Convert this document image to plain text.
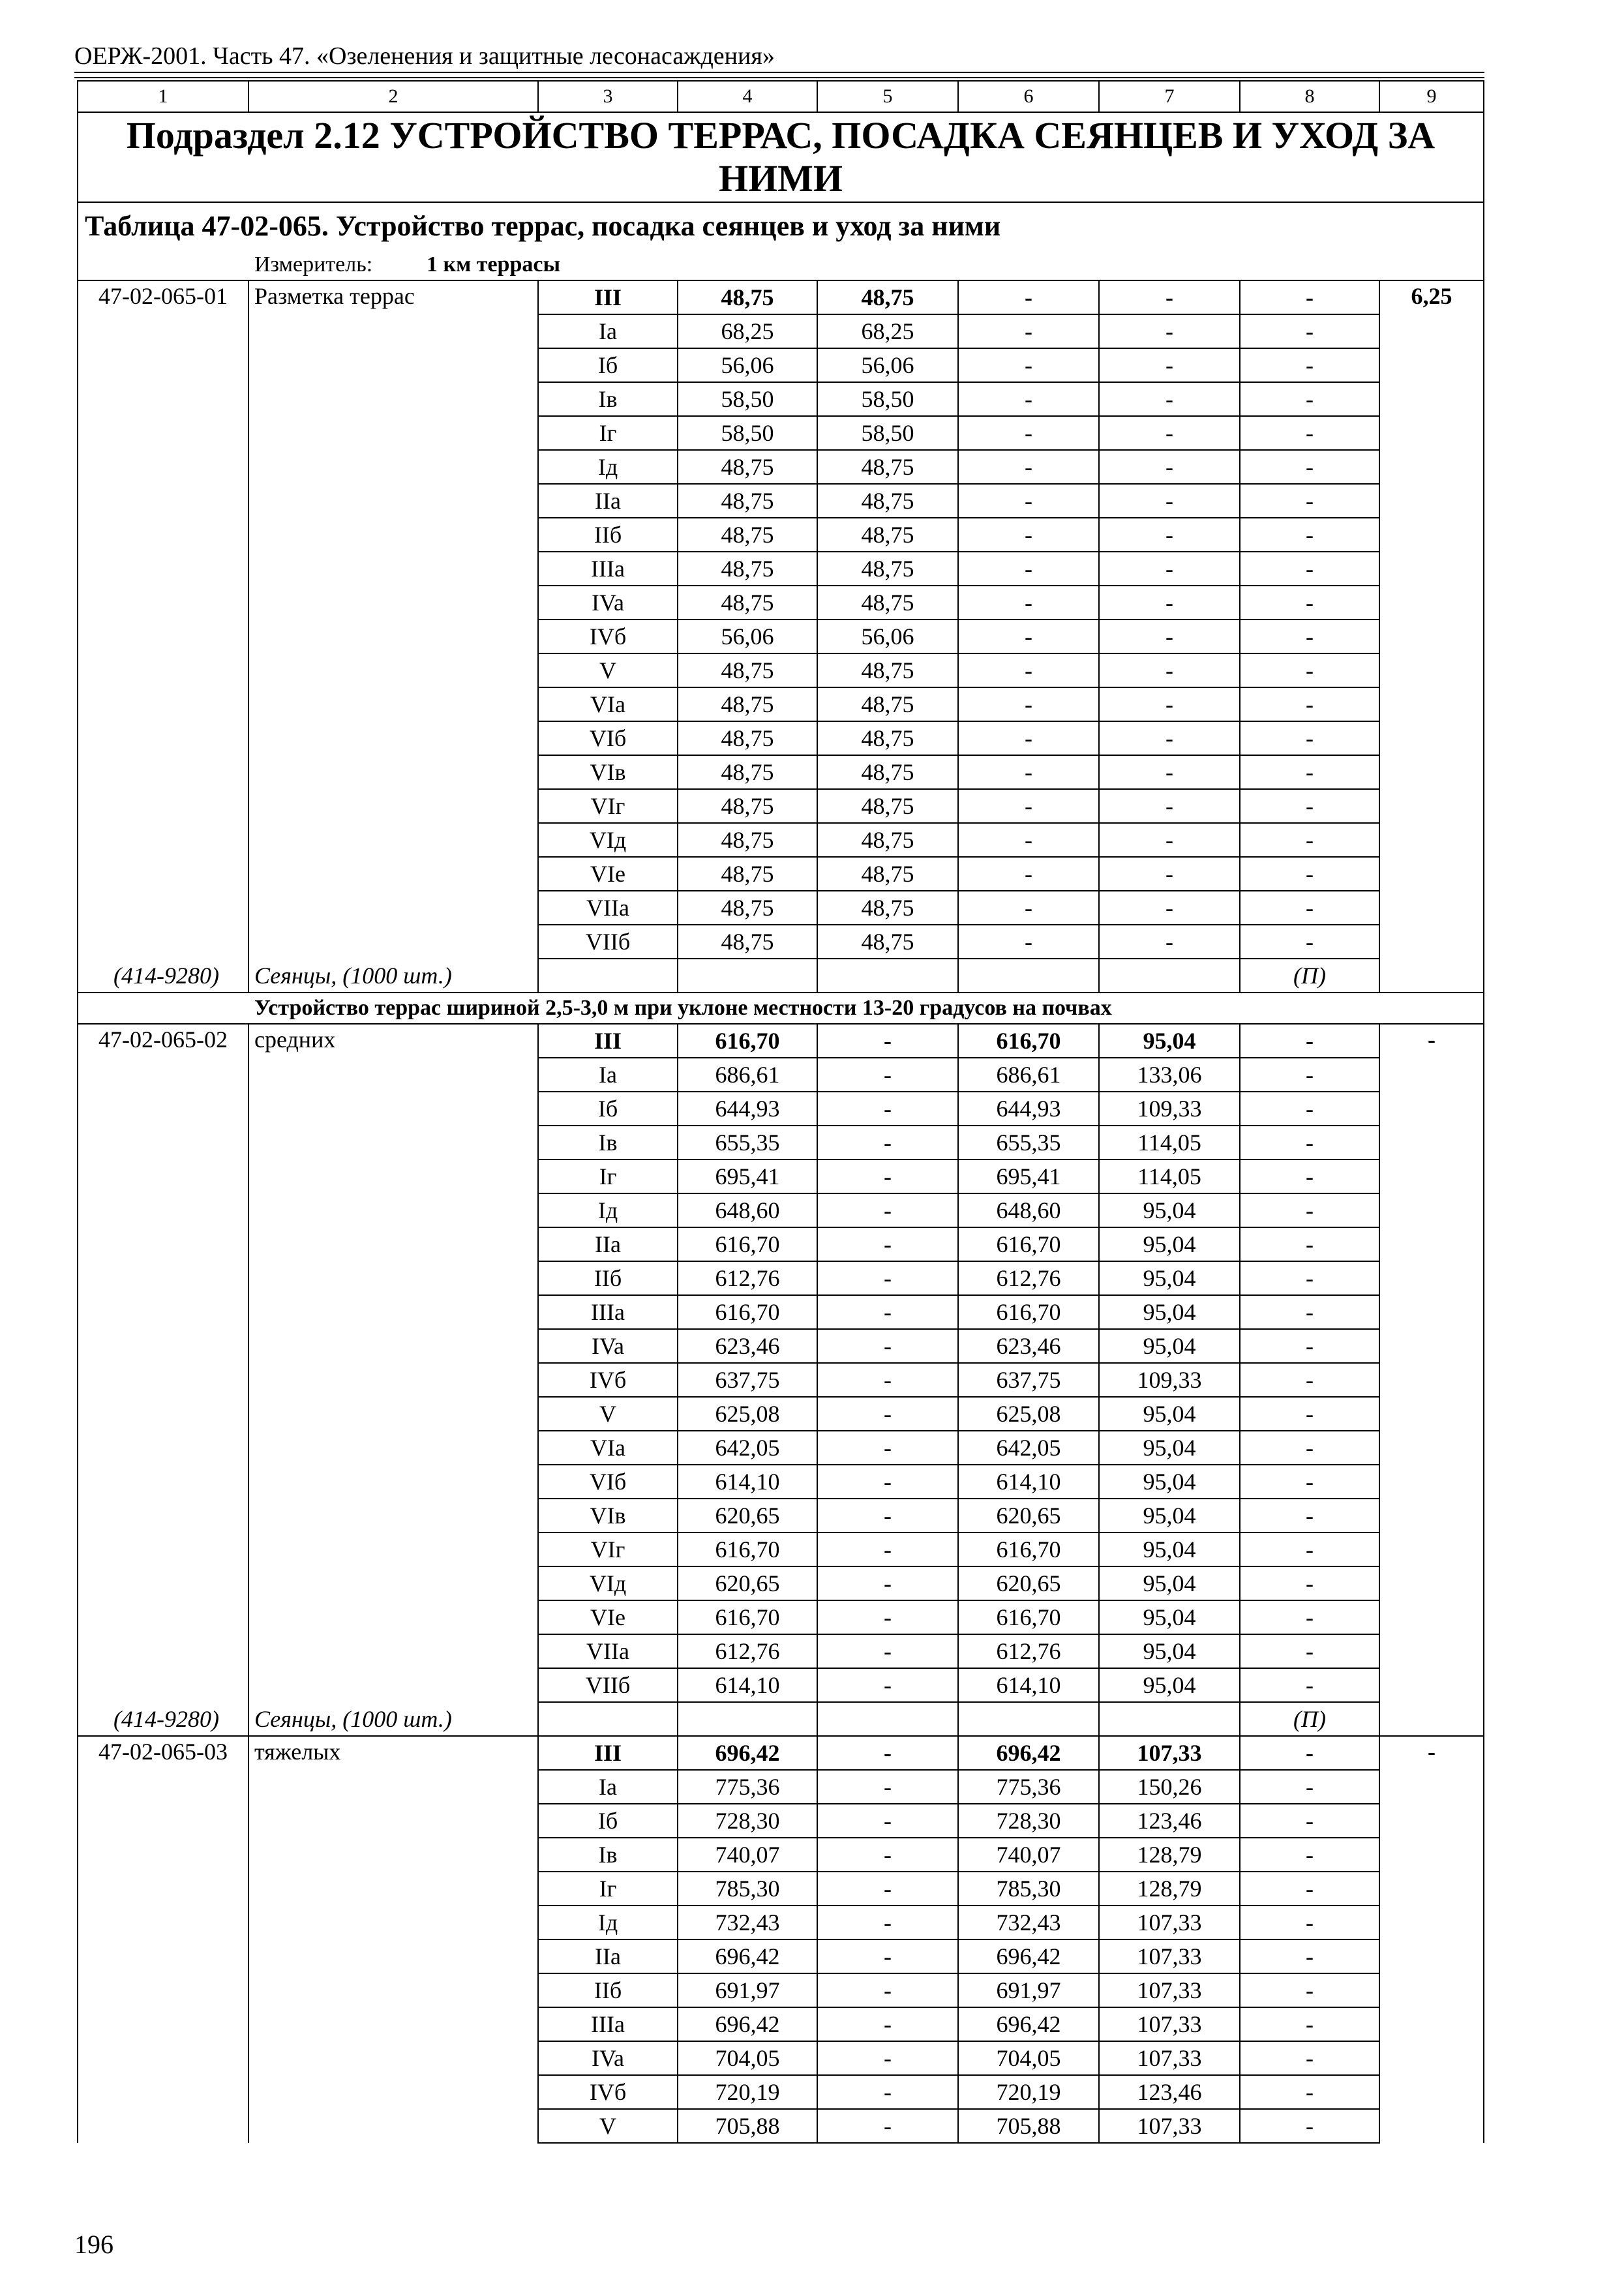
ОЕРЖ-2001. Часть 47. «Озеленения и защитные лесонасаждения»
1	2	3	4	5	6	7	8	9
Подраздел 2.12 УСТРОЙСТВО ТЕРРАС, ПОСАДКА СЕЯНЦЕВ И УХОД ЗА НИМИ								
Таблица 47-02-065. Устройство террас, посадка сеянцев и уход за ними								
Измеритель: 1 км террасы								
47-02-065-01	Разметка террас	III	48,75	48,75	-	-	-	6,25
		Ia	68,25	68,25	-	-	-	
		Iб	56,06	56,06	-	-	-	
		Iв	58,50	58,50	-	-	-	
		Iг	58,50	58,50	-	-	-	
		Iд	48,75	48,75	-	-	-	
		IIa	48,75	48,75	-	-	-	
		IIб	48,75	48,75	-	-	-	
		IIIa	48,75	48,75	-	-	-	
		IVa	48,75	48,75	-	-	-	
		IVб	56,06	56,06	-	-	-	
		V	48,75	48,75	-	-	-	
		VIa	48,75	48,75	-	-	-	
		VIб	48,75	48,75	-	-	-	
		VIв	48,75	48,75	-	-	-	
		VIг	48,75	48,75	-	-	-	
		VIд	48,75	48,75	-	-	-	
		VIe	48,75	48,75	-	-	-	
		VIIa	48,75	48,75	-	-	-	
		VIIб	48,75	48,75	-	-	-	
(414-9280)	Сеянцы, (1000 шт.)						(П)	
Устройство террас шириной 2,5-3,0 м при уклоне местности 13-20 градусов на почвах								
47-02-065-02	средних	III	616,70	-	616,70	95,04	-	-
		Ia	686,61	-	686,61	133,06	-	
		Iб	644,93	-	644,93	109,33	-	
		Iв	655,35	-	655,35	114,05	-	
		Iг	695,41	-	695,41	114,05	-	
		Iд	648,60	-	648,60	95,04	-	
		IIa	616,70	-	616,70	95,04	-	
		IIб	612,76	-	612,76	95,04	-	
		IIIa	616,70	-	616,70	95,04	-	
		IVa	623,46	-	623,46	95,04	-	
		IVб	637,75	-	637,75	109,33	-	
		V	625,08	-	625,08	95,04	-	
		VIa	642,05	-	642,05	95,04	-	
		VIб	614,10	-	614,10	95,04	-	
		VIв	620,65	-	620,65	95,04	-	
		VIг	616,70	-	616,70	95,04	-	
		VIд	620,65	-	620,65	95,04	-	
		VIe	616,70	-	616,70	95,04	-	
		VIIa	612,76	-	612,76	95,04	-	
		VIIб	614,10	-	614,10	95,04	-	
(414-9280)	Сеянцы, (1000 шт.)						(П)	
47-02-065-03	тяжелых	III	696,42	-	696,42	107,33	-	-
		Ia	775,36	-	775,36	150,26	-	
		Iб	728,30	-	728,30	123,46	-	
		Iв	740,07	-	740,07	128,79	-	
		Iг	785,30	-	785,30	128,79	-	
		Iд	732,43	-	732,43	107,33	-	
		IIa	696,42	-	696,42	107,33	-	
		IIб	691,97	-	691,97	107,33	-	
		IIIa	696,42	-	696,42	107,33	-	
		IVa	704,05	-	704,05	107,33	-	
		IVб	720,19	-	720,19	123,46	-	
		V	705,88	-	705,88	107,33	-	
196
